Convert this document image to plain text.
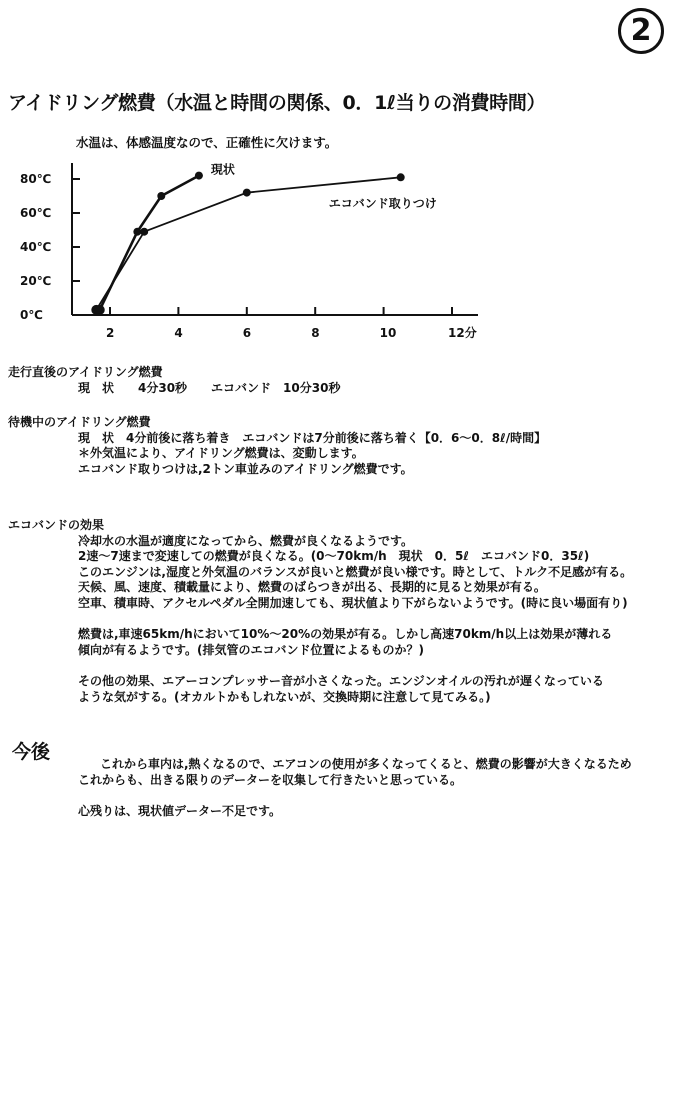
2
アイドリング燃費（水温と時間の関係、0．1ℓ当りの消費時間）
水温は、体感温度なので、正確性に欠けます。
80℃
60℃
40℃
20℃
0℃
2	4	6	8	10	12分
現状
エコバンド取りつけ
走行直後のアイドリング燃費
現　状　　4分30秒　　エコバンド　10分30秒
待機中のアイドリング燃費
現　状　4分前後に落ち着き　エコバンドは7分前後に落ち着く【0．6〜0．8ℓ/時間】
＊外気温により、アイドリング燃費は、変動します。
エコバンド取りつけは,2トン車並みのアイドリング燃費です。
エコバンドの効果
冷却水の水温が適度になってから、燃費が良くなるようです。
2速〜7速まで変速しての燃費が良くなる。(0〜70km/h　現状　0．5ℓ　エコバンド0．35ℓ)
このエンジンは,湿度と外気温のバランスが良いと燃費が良い様です。時として、トルク不足感が有る。
天候、風、速度、積載量により、燃費のばらつきが出る、長期的に見ると効果が有る。
空車、積車時、アクセルペダル全開加速しても、現状値より下がらないようです。(時に良い場面有り)
燃費は,車速65km/hにおいて10%〜20%の効果が有る。しかし高速70km/h以上は効果が薄れる
傾向が有るようです。(排気管のエコバンド位置によるものか？)
その他の効果、エアーコンプレッサー音が小さくなった。エンジンオイルの汚れが遅くなっている
ような気がする。(オカルトかもしれないが、交換時期に注意して見てみる。)
今後
これから車内は,熱くなるので、エアコンの使用が多くなってくると、燃費の影響が大きくなるため
これからも、出きる限りのデーターを収集して行きたいと思っている。
心残りは、現状値データー不足です。
